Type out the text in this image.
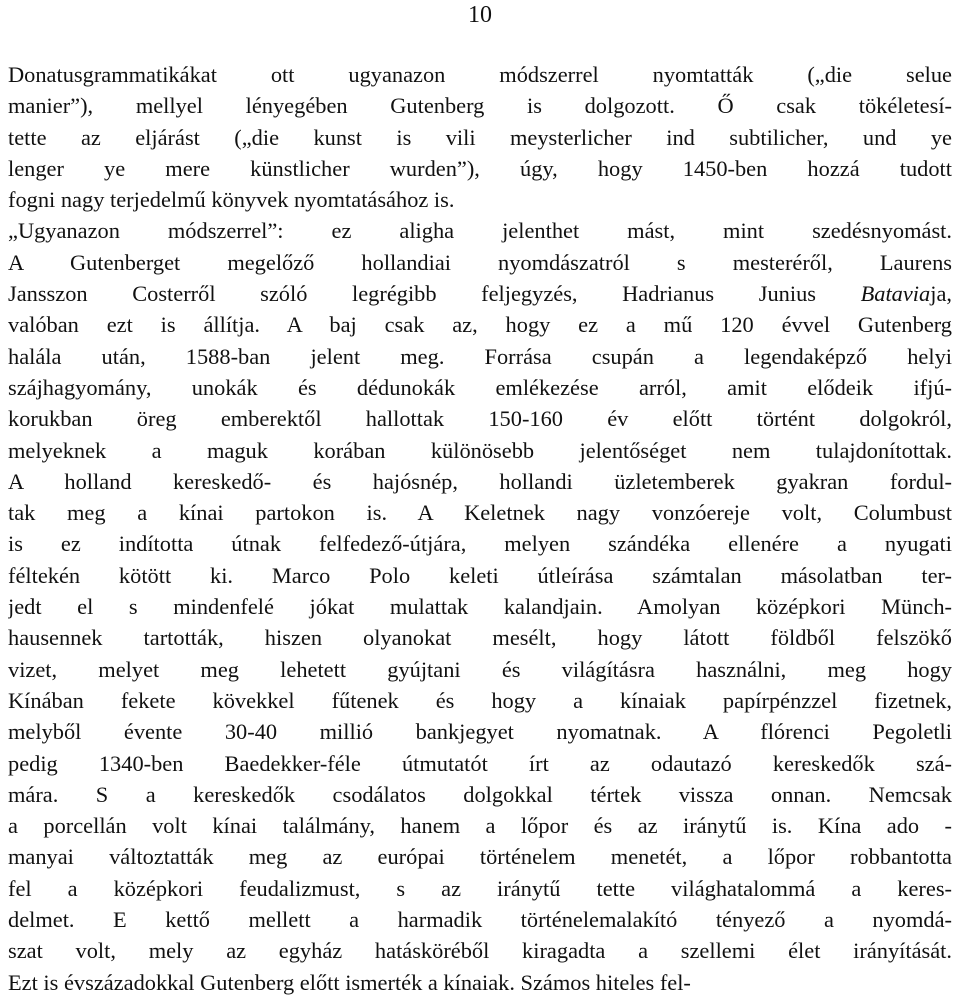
10
Donatusgrammatikákat ott ugyanazon módszerrel nyomtatták („die selue
manier”), mellyel lényegében Gutenberg is dolgozott. Ő csak tökéletesí-
tette az eljárást („die kunst is vili meysterlicher ind subtilicher, und ye
lenger ye mere künstlicher wurden”), úgy, hogy 1450-ben hozzá tudott
fogni nagy terjedelmű könyvek nyomtatásához is.
„Ugyanazon módszerrel”: ez aligha jelenthet mást, mint szedésnyomást.
A Gutenberget megelőző hollandiai nyomdászatról s mesteréről, Laurens
Jansszon Costerről szóló legrégibb feljegyzés, Hadrianus Junius Bataviaja,
valóban ezt is állítja. A baj csak az, hogy ez a mű 120 évvel Gutenberg
halála után, 1588-ban jelent meg. Forrása csupán a legendaképző helyi
szájhagyomány, unokák és dédunokák emlékezése arról, amit elődeik ifjú-
korukban öreg emberektől hallottak 150-160 év előtt történt dolgokról,
melyeknek a maguk korában különösebb jelentőséget nem tulajdonítottak.
A holland kereskedő- és hajósnép, hollandi üzletemberek gyakran fordul-
tak meg a kínai partokon is. A Keletnek nagy vonzóereje volt, Columbust
is ez indította útnak felfedező-útjára, melyen szándéka ellenére a nyugati
féltekén kötött ki. Marco Polo keleti útleírása számtalan másolatban ter-
jedt el s mindenfelé jókat mulattak kalandjain. Amolyan középkori Münch-
hausennek tartották, hiszen olyanokat mesélt, hogy látott földből felszökő
vizet, melyet meg lehetett gyújtani és világításra használni, meg hogy
Kínában fekete kövekkel fűtenek és hogy a kínaiak papírpénzzel fizetnek,
melyből évente 30-40 millió bankjegyet nyomatnak. A flórenci Pegoletli
pedig 1340-ben Baedekker-féle útmutatót írt az odautazó kereskedők szá-
mára. S a kereskedők csodálatos dolgokkal tértek vissza onnan. Nemcsak
a porcellán volt kínai találmány, hanem a lőpor és az iránytű is. Kína ado -
manyai változtatták meg az európai történelem menetét, a lőpor robbantotta
fel a középkori feudalizmust, s az iránytű tette világhatalommá a keres-
delmet. E kettő mellett a harmadik történelemalakító tényező a nyomdá-
szat volt, mely az egyház hatásköréből kiragadta a szellemi élet irányítását.
Ezt is évszázadokkal Gutenberg előtt ismerték a kínaiak. Számos hiteles fel-
